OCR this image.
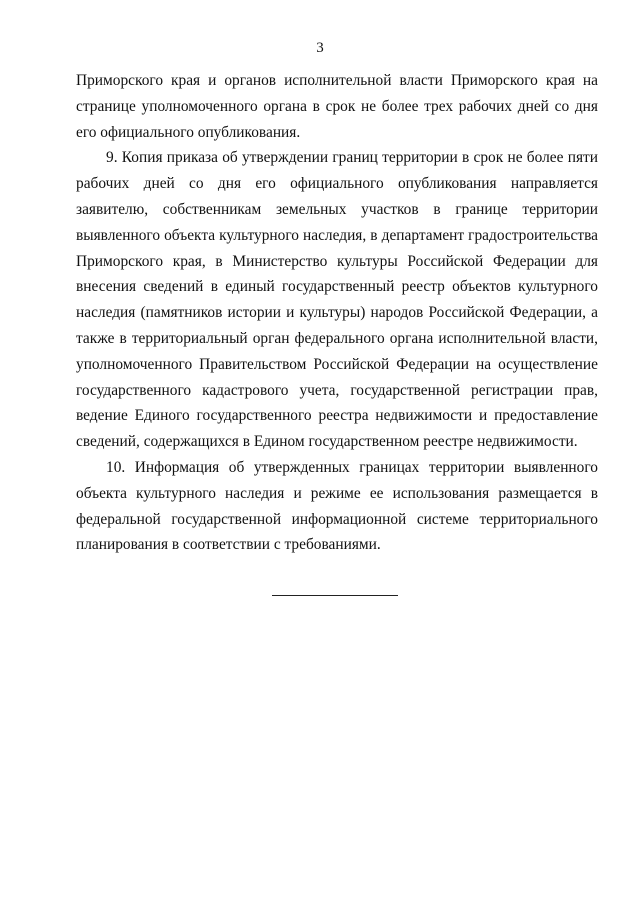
3

Приморского края и органов исполнительной власти Приморского края на странице уполномоченного органа в срок не более трех рабочих дней со дня его официального опубликования.

9. Копия приказа об утверждении границ территории в срок не более пяти рабочих дней со дня его официального опубликования направляется заявителю, собственникам земельных участков в границе территории выявленного объекта культурного наследия, в департамент градостроительства Приморского края, в Министерство культуры Российской Федерации для внесения сведений в единый государственный реестр объектов культурного наследия (памятников истории и культуры) народов Российской Федерации, а также в территориальный орган федерального органа исполнительной власти, уполномоченного Правительством Российской Федерации на осуществление государственного кадастрового учета, государственной регистрации прав, ведение Единого государственного реестра недвижимости и предоставление сведений, содержащихся в Едином государственном реестре недвижимости.

10. Информация об утвержденных границах территории выявленного объекта культурного наследия и режиме ее использования размещается в федеральной государственной информационной системе территориального планирования в соответствии с требованиями.
